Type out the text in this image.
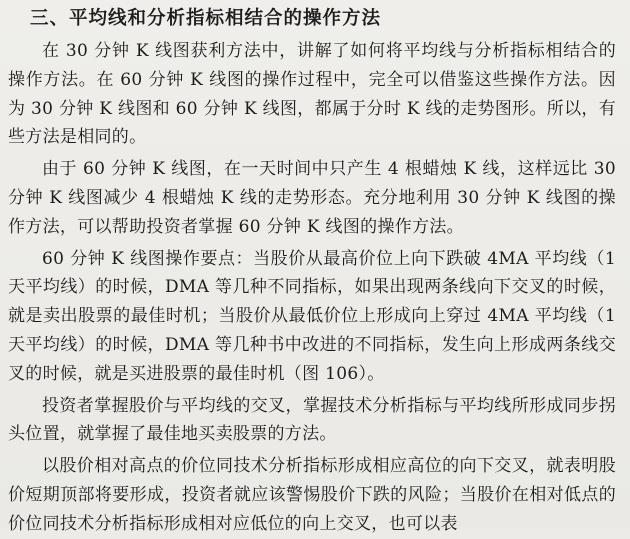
三、平均线和分析指标相结合的操作方法

在 30 分钟 K 线图获利方法中，讲解了如何将平均线与分析指标相结合的操作方法。在 60 分钟 K 线图的操作过程中，完全可以借鉴这些操作方法。因为 30 分钟 K 线图和 60 分钟 K 线图，都属于分时 K 线的走势图形。所以，有些方法是相同的。

由于 60 分钟 K 线图，在一天时间中只产生 4 根蜡烛 K 线，这样远比 30 分钟 K 线图减少 4 根蜡烛 K 线的走势形态。充分地利用 30 分钟 K 线图的操作方法，可以帮助投资者掌握 60 分钟 K 线图的操作方法。

60 分钟 K 线图操作要点：当股价从最高价位上向下跌破 4MA 平均线（1 天平均线）的时候，DMA 等几种不同指标，如果出现两条线向下交叉的时候，就是卖出股票的最佳时机；当股价从最低价位上形成向上穿过 4MA 平均线（1 天平均线）的时候，DMA 等几种书中改进的不同指标，发生向上形成两条线交叉的时候，就是买进股票的最佳时机（图 106）。

投资者掌握股价与平均线的交叉，掌握技术分析指标与平均线所形成同步拐头位置，就掌握了最佳地买卖股票的方法。

以股价相对高点的价位同技术分析指标形成相应高位的向下交叉，就表明股价短期顶部将要形成，投资者就应该警惕股价下跌的风险；当股价在相对低点的价位同技术分析指标形成相对应低位的向上交叉，也可以表
